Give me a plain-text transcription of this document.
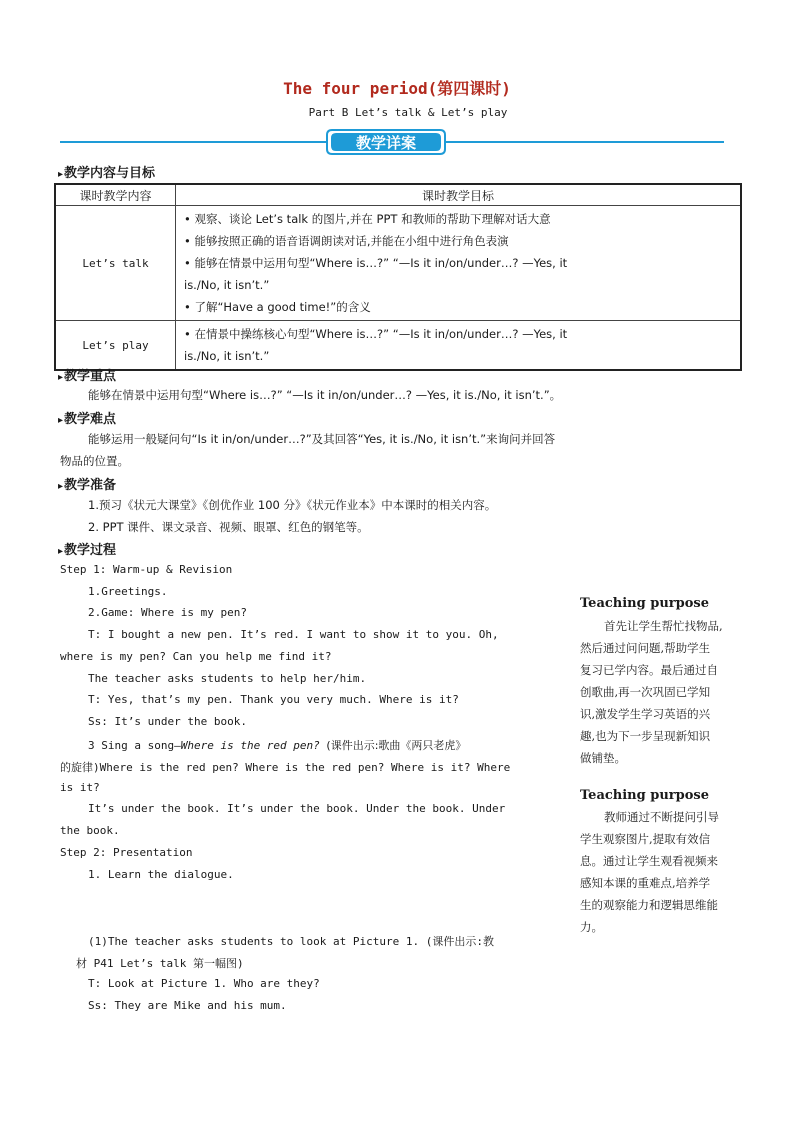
The four period(第四课时)
Part B Let’s talk & Let’s play
教学详案
▸ 教学内容与目标
课时教学内容	课时教学目标
Let’s talk	• 观察、谈论 Let’s talk 的图片,并在 PPT 和教师的帮助下理解对话大意
• 能够按照正确的语音语调朗读对话,并能在小组中进行角色表演
• 能够在情景中运用句型“Where is…?” “—Is it in/on/under…? —Yes, it
is./No, it isn’t.”
• 了解“Have a good time!”的含义

Let’s play	• 在情景中操练核心句型“Where is…?” “—Is it in/on/under…? —Yes, it
is./No, it isn’t.”
▸ 教学重点
能够在情景中运用句型“Where is…?” “—Is it in/on/under…? —Yes, it is./No, it isn’t.”。
▸ 教学难点
能够运用一般疑问句“Is it in/on/under…?”及其回答“Yes, it is./No, it isn’t.”来询问并回答
物品的位置。
▸ 教学准备
1.预习《状元大课堂》《创优作业 100 分》《状元作业本》中本课时的相关内容。
2. PPT 课件、课文录音、视频、眼罩、红色的钢笔等。
▸ 教学过程
Step 1: Warm-up & Revision
1.Greetings.
2.Game: Where is my pen?
T: I bought a new pen. It’s red. I want to show it to you. Oh,
where is my pen? Can you help me find it?
The teacher asks students to help her/him.
T: Yes, that’s my pen. Thank you very much. Where is it?
Ss: It’s under the book.
3 Sing a song—Where is the red pen? (课件出示:歌曲《两只老虎》
的旋律)Where is the red pen? Where is the red pen? Where is it? Where
is it?
It’s under the book. It’s under the book. Under the book. Under
the book.
Step 2: Presentation
1. Learn the dialogue.
(1)The teacher asks students to look at Picture 1. (课件出示:教
材 P41 Let’s talk 第一幅图)
T: Look at Picture 1. Who are they?
Ss: They are Mike and his mum.
Teaching purpose
首先让学生帮忙找物品,
然后通过问问题,帮助学生
复习已学内容。最后通过自
创歌曲,再一次巩固已学知
识,激发学生学习英语的兴
趣,也为下一步呈现新知识
做铺垫。
Teaching purpose
教师通过不断提问引导
学生观察图片,提取有效信
息。通过让学生观看视频来
感知本课的重难点,培养学
生的观察能力和逻辑思维能
力。
